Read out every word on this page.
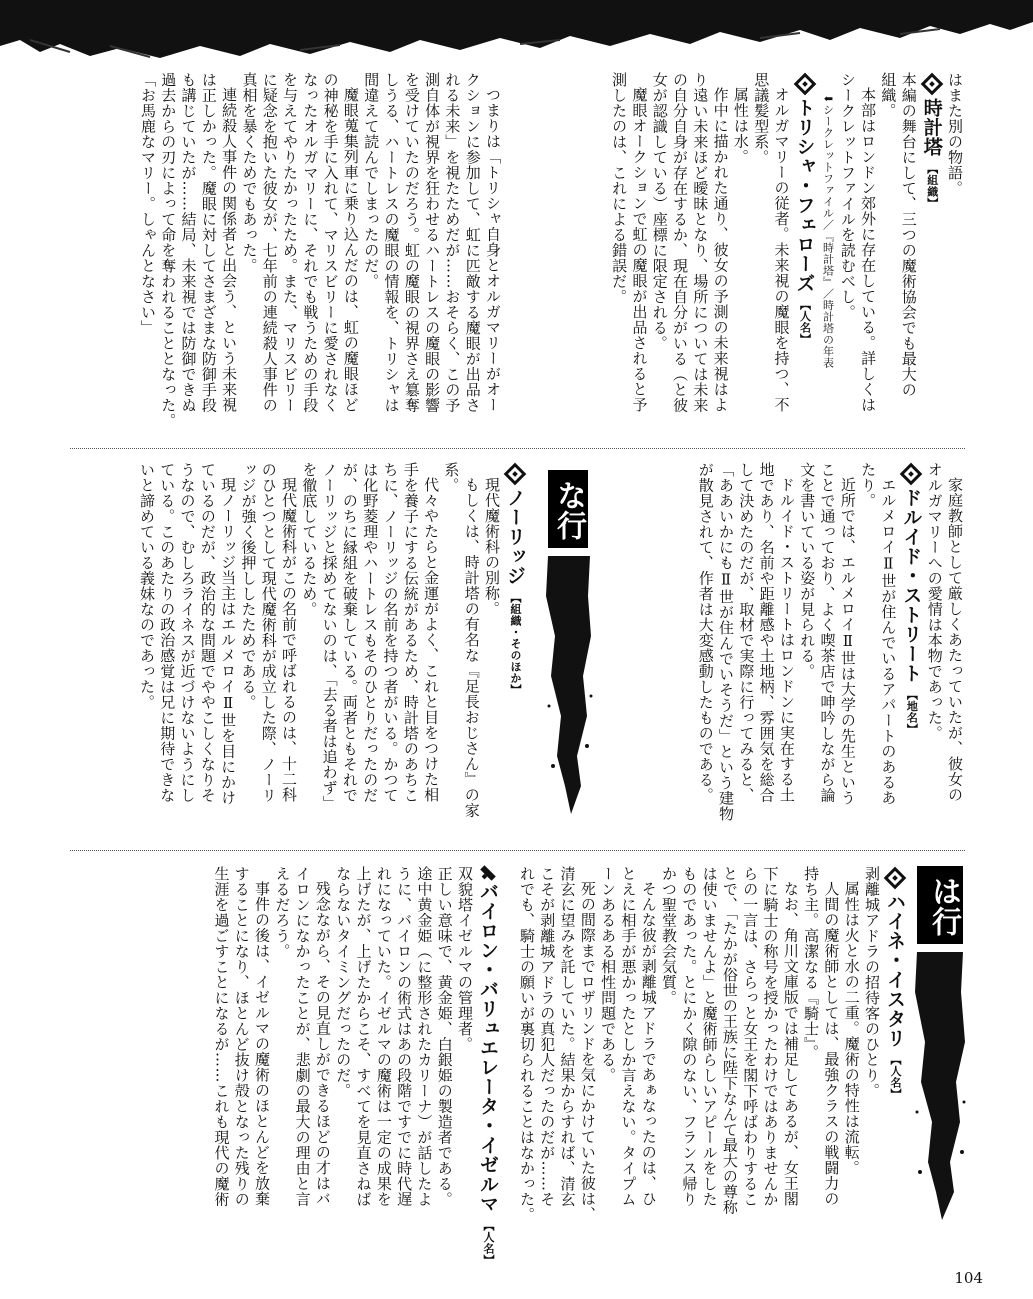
はまた別の物語。

時計塔
【組織】

本編の舞台にして、三つの魔術協会でも最大の

組織。

本部はロンドン郊外に存在している。詳しくは

シークレットファイルを読むべし。

⬇シークレットファイル／『時計塔』／時計塔の年表

トリシャ・フェローズ
【人名】

オルガマリーの従者。未来視の魔眼を持つ、不

思議髪型系。

属性は水。

作中に描かれた通り、彼女の予測の未来視はよ

り遠い未来ほど曖昧となり、場所については未来

の自分自身が存在するか、現在自分がいる（と彼

女が認識している）座標に限定される。

魔眼オークションで虹の魔眼が出品されると予

測したのは、これによる錯誤だ。

つまりは「トリシャ自身とオルガマリーがオー

クションに参加して、虹に匹敵する魔眼が出品さ

れる未来」を視たためだが……おそらく、この予

測自体が視界を狂わせるハートレスの魔眼の影響

を受けていたのだろう。虹の魔眼の視界さえ簒奪

しうる、ハートレスの魔眼の情報を、トリシャは

間違えて読んでしまったのだ。

魔眼蒐集列車に乗り込んだのは、虹の魔眼ほど

の神秘を手に入れて、マリスビリーに愛されなく

なったオルガマリーに、それでも戦うための手段

を与えてやりたかったため。また、マリスビリー

に疑念を抱いた彼女が、七年前の連続殺人事件の

真相を暴くためでもあった。

連続殺人事件の関係者と出会う、という未来視

は正しかった。魔眼に対してさまざまな防御手段

も講じていたが……結局、未来視では防御できぬ

過去からの刃によって命を奪われることとなった。

「お馬鹿なマリー。しゃんとなさい」

家庭教師として厳しくあたっていたが、彼女の

オルガマリーへの愛情は本物であった。

ドルイド・ストリート
【地名】

エルメロイⅡ世が住んでいるアパートのあるあ

たり。

近所では、エルメロイⅡ世は大学の先生という

ことで通っており、よく喫茶店で呻吟しながら論

文を書いている姿が見られる。

ドルイド・ストリートはロンドンに実在する土

地であり、名前や距離感や土地柄、雰囲気を総合

して決めたのだが、取材で実際に行ってみると、

「ああいかにもⅡ世が住んでいそうだ」という建物

が散見されて、作者は大変感動したものである。

な行
ノーリッジ
【組織・そのほか】

現代魔術科の別称。

もしくは、時計塔の有名な『足長おじさん』の家

系。

代々やたらと金運がよく、これと目をつけた相

手を養子にする伝統があるため、時計塔のあちこ

ちに、ノーリッジの名前を持つ者がいる。かつて

は化野菱理やハートレスもそのひとりだったのだ

が、のちに縁組を破棄している。両者ともそれで

ノーリッジと採めてないのは、「去る者は追わず」

を徹底しているため。

現代魔術科がこの名前で呼ばれるのは、十二科

のひとつとして現代魔術科が成立した際、ノーリ

ッジが強く後押ししたためである。

現ノーリッジ当主はエルメロイⅡ世を目にかけ

ているのだが、政治的な問題でややこしくなりそ

うなので、むしろライネスが近づけないようにし

ている。このあたりの政治感覚は兄に期待できな

いと諦めている義妹なのであった。

は行
ハイネ・イスタリ
【人名】

剥離城アドラの招待客のひとり。

属性は火と水の二重。魔術の特性は流転。

人間の魔術師としては、最強クラスの戦闘力の

持ち主。高潔なる『騎士』。

なお、角川文庫版では補足してあるが、女王閣

下に騎士の称号を授かったわけではありませんか

らの一言は、さらっと女王を閣下呼ばわりするこ

とで、「たかが俗世の王族に陛下なんて最大の尊称

は使いませんよ」と魔術師らしいアピールをした

ものであった。とにかく隙のない、フランス帰り

かつ聖堂教会気質。

そんな彼が剥離城アドラであぁなったのは、ひ

とえに相手が悪かったとしか言えない。タイプム

ーンあるある相性問題である。

死の間際までロザリンドを気にかけていた彼は、

清玄に望みを託していた。結果からすれば、清玄

こそが剥離城アドラの真犯人だったのだが……そ

れでも、騎士の願いが裏切られることはなかった。

バイロン・バリュエレータ・イゼルマ
【人名】

双貌塔イゼルマの管理者。

正しい意味で、黄金姫、白銀姫の製造者である。

途中黄金姫（に整形されたカリーナ）が話したよ

うに、バイロンの術式はあの段階ですでに時代遅

れになっていた。イゼルマの魔術は一定の成果を

上げたが、上げたからこそ、すべてを見直さねば

ならないタイミングだったのだ。

残念ながら、その見直しができるほどの才はバ

イロンになかったことが、悲劇の最大の理由と言

えるだろう。

事件の後は、イゼルマの魔術のほとんどを放棄

することになり、ほとんど抜け殻となった残りの

生涯を過ごすことになるが……これも現代の魔術

104
